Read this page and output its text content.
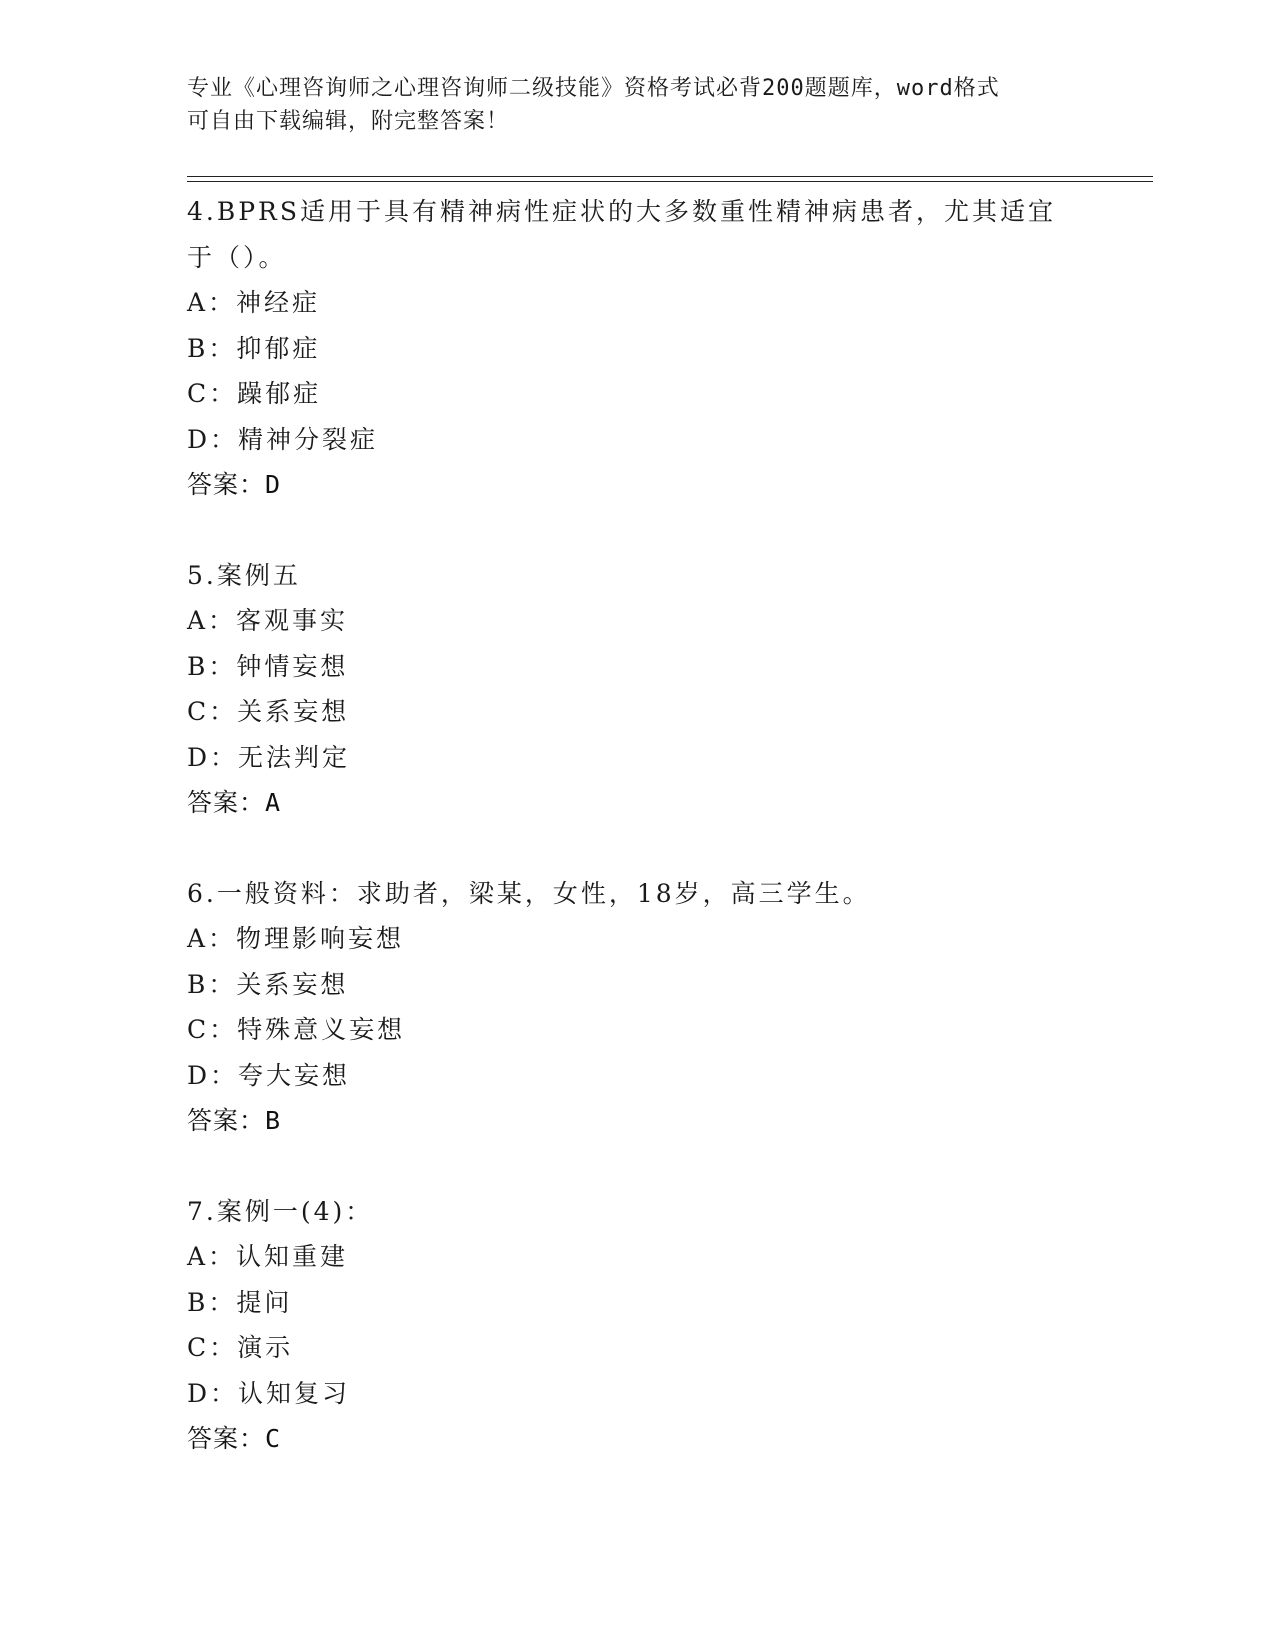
专业《心理咨询师之心理咨询师二级技能》资格考试必背200题题库，word格式
可自由下载编辑，附完整答案！

4.BPRS适用于具有精神病性症状的大多数重性精神病患者，尤其适宜

于（）。

A：神经症

B：抑郁症

C：躁郁症

D：精神分裂症

答案：D

5.案例五

A：客观事实

B：钟情妄想

C：关系妄想

D：无法判定

答案：A

6.一般资料：求助者，梁某，女性，18岁，高三学生。

A：物理影响妄想

B：关系妄想

C：特殊意义妄想

D：夸大妄想

答案：B

7.案例一(4)：

A：认知重建

B：提问

C：演示

D：认知复习

答案：C
